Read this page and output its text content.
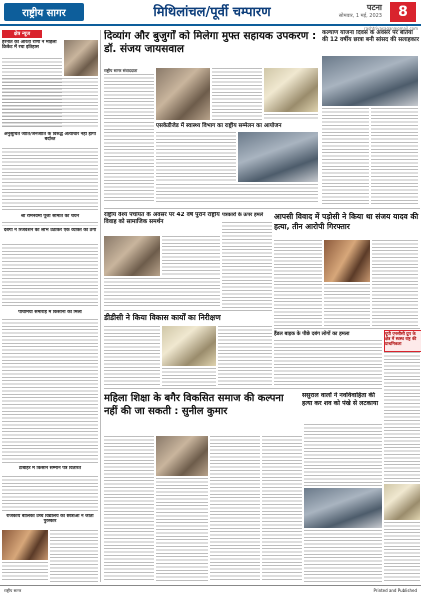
राष्ट्रीय सागर	मिथिलांचल/पूर्वी चम्पारण	पटना
सोमवार, 1 मई, 2023	8
rashtriyasagar@gmail.com
क्षेत्र न्यूज
हरनौत की आरती राणा ने महिला क्रिकेट में रचा इतिहास
अनुसूचित जाति/जनजाति के विरुद्ध अत्याचार नहीं होगा बर्दाश्त
श्री रामनवमी पूजा समिति का चयन
दबंगों ने रिजर्वेशन का लाभ उठाकर एक व्यक्ति का ठगा
पचिमिया समारोह में किसानों को मिला
टाबोहर में किसान सम्मान पत्र वितरित
राजकीय बालिका उच्च विद्यालय की छात्राओं ने जीता पुरस्कार
दिव्यांग और बुजुर्गों को मिलेगा मुफ्त सहायक उपकरण : डॉ. संजय जायसवाल
कल्याण योजना दिवस के अवसर पर बेतिया की 12 वर्षीय छात्रा बनी सांसद की सलाहकार
राष्ट्रीय सागर संवाददाता
एसकेडीजेड में स्वास्थ्य विभाग का राष्ट्रीय सम्मेलन का आयोजन
राष्ट्रीय वैश्य पंचायत के अवसर पर 42 वर्ष पुराने राष्ट्रीय विवाह को सामाजिक समर्थन
पत्रकारों के ऊपर हमले	आपसी विवाद में पड़ोसी ने किया था संजय यादव की हत्या, तीन आरोपी गिरफ्तार
डीडीसी ने किया विकास कार्यों का निरीक्षण
हैंडल बाइक के पीछे दबंग लोगों का हमला	यूपी एनसीसी ग्रुप के क्षेत्र में स्वस्थ राष्ट्र की प्राथमिकता
महिला शिक्षा के बगैर विकसित समाज की कल्पना नहीं की जा सकती : सुनील कुमार
ससुराल वालों ने नवविवाहिता की हत्या कर शव को पंखे से लटकाया
राष्ट्रीय सागर	Printed and Published
